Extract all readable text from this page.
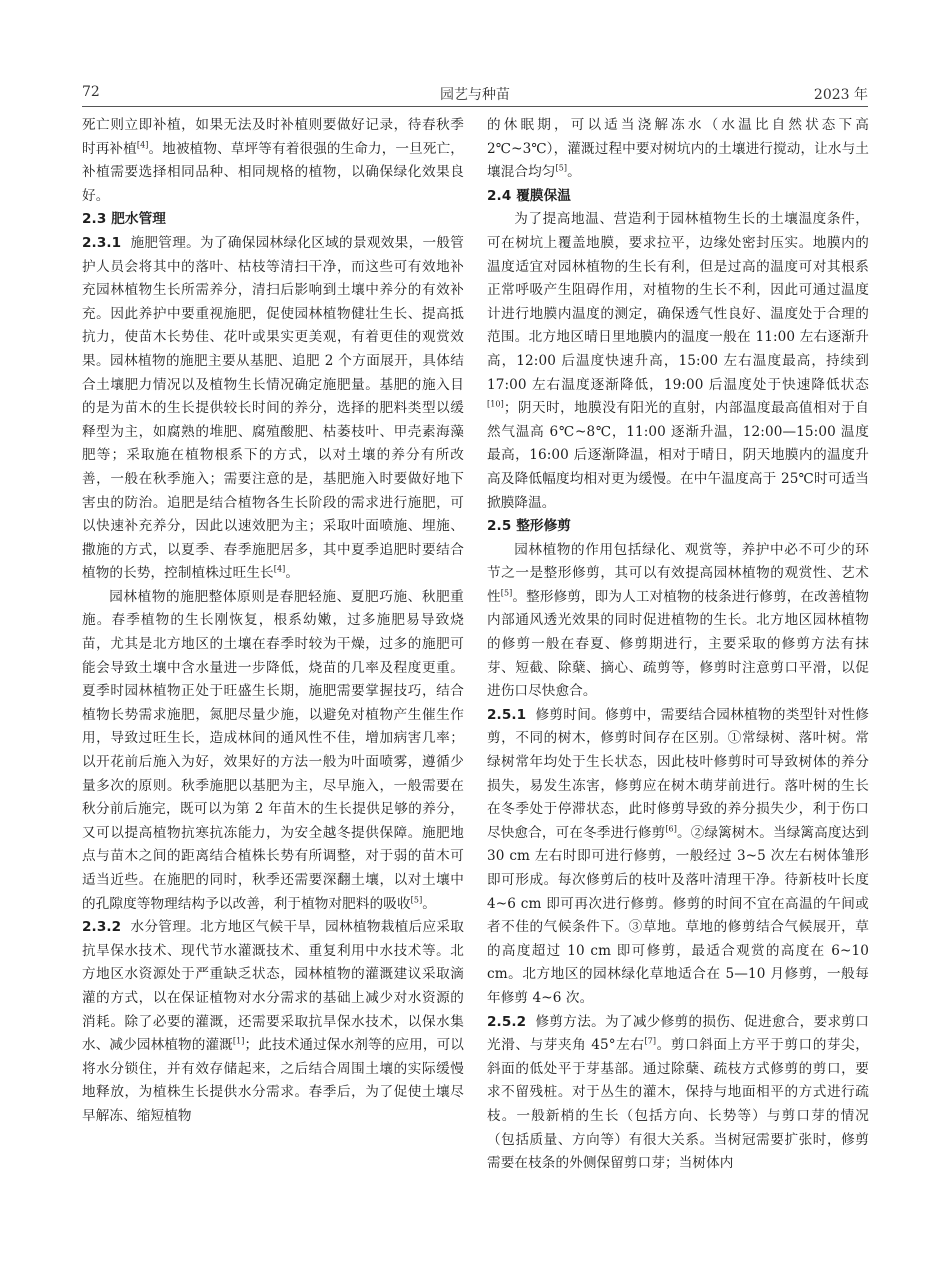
72	园艺与种苗	2023 年

死亡则立即补植，如果无法及时补植则要做好记录，待春秋季时再补植[4]。地被植物、草坪等有着很强的生命力，一旦死亡，补植需要选择相同品种、相同规格的植物，以确保绿化效果良好。

2.3 肥水管理

2.3.1 施肥管理。为了确保园林绿化区域的景观效果，一般管护人员会将其中的落叶、枯枝等清扫干净，而这些可有效地补充园林植物生长所需养分，清扫后影响到土壤中养分的有效补充。因此养护中要重视施肥，促使园林植物健壮生长、提高抵抗力，使苗木长势佳、花叶或果实更美观，有着更佳的观赏效果。园林植物的施肥主要从基肥、追肥 2 个方面展开，具体结合土壤肥力情况以及植物生长情况确定施肥量。基肥的施入目的是为苗木的生长提供较长时间的养分，选择的肥料类型以缓释型为主，如腐熟的堆肥、腐殖酸肥、枯萎枝叶、甲壳素海藻肥等；采取施在植物根系下的方式，以对土壤的养分有所改善，一般在秋季施入；需要注意的是，基肥施入时要做好地下害虫的防治。追肥是结合植物各生长阶段的需求进行施肥，可以快速补充养分，因此以速效肥为主；采取叶面喷施、埋施、撒施的方式，以夏季、春季施肥居多，其中夏季追肥时要结合植物的长势，控制植株过旺生长[4]。

园林植物的施肥整体原则是春肥轻施、夏肥巧施、秋肥重施。春季植物的生长刚恢复，根系幼嫩，过多施肥易导致烧苗，尤其是北方地区的土壤在春季时较为干燥，过多的施肥可能会导致土壤中含水量进一步降低，烧苗的几率及程度更重。夏季时园林植物正处于旺盛生长期，施肥需要掌握技巧，结合植物长势需求施肥，氮肥尽量少施，以避免对植物产生催生作用，导致过旺生长，造成林间的通风性不佳，增加病害几率；以开花前后施入为好，效果好的方法一般为叶面喷雾，遵循少量多次的原则。秋季施肥以基肥为主，尽早施入，一般需要在秋分前后施完，既可以为第 2 年苗木的生长提供足够的养分，又可以提高植物抗寒抗冻能力，为安全越冬提供保障。施肥地点与苗木之间的距离结合植株长势有所调整，对于弱的苗木可适当近些。在施肥的同时，秋季还需要深翻土壤，以对土壤中的孔隙度等物理结构予以改善，利于植物对肥料的吸收[5]。

2.3.2 水分管理。北方地区气候干旱，园林植物栽植后应采取抗旱保水技术、现代节水灌溉技术、重复利用中水技术等。北方地区水资源处于严重缺乏状态，园林植物的灌溉建议采取滴灌的方式，以在保证植物对水分需求的基础上减少对水资源的消耗。除了必要的灌溉，还需要采取抗旱保水技术，以保水集水、减少园林植物的灌溉[1]；此技术通过保水剂等的应用，可以将水分锁住，并有效存储起来，之后结合周围土壤的实际缓慢地释放，为植株生长提供水分需求。春季后，为了促使土壤尽早解冻、缩短植物

的休眠期，可以适当浇解冻水（水温比自然状态下高 2℃~3℃），灌溉过程中要对树坑内的土壤进行搅动，让水与土壤混合均匀[5]。

2.4 覆膜保温

为了提高地温、营造利于园林植物生长的土壤温度条件，可在树坑上覆盖地膜，要求拉平，边缘处密封压实。地膜内的温度适宜对园林植物的生长有利，但是过高的温度可对其根系正常呼吸产生阻碍作用，对植物的生长不利，因此可通过温度计进行地膜内温度的测定，确保透气性良好、温度处于合理的范围。北方地区晴日里地膜内的温度一般在 11:00 左右逐渐升高，12:00 后温度快速升高，15:00 左右温度最高，持续到 17:00 左右温度逐渐降低，19:00 后温度处于快速降低状态[10]；阴天时，地膜没有阳光的直射，内部温度最高值相对于自然气温高 6℃~8℃，11:00 逐渐升温，12:00—15:00 温度最高，16:00 后逐渐降温，相对于晴日，阴天地膜内的温度升高及降低幅度均相对更为缓慢。在中午温度高于 25℃时可适当掀膜降温。

2.5 整形修剪

园林植物的作用包括绿化、观赏等，养护中必不可少的环节之一是整形修剪，其可以有效提高园林植物的观赏性、艺术性[5]。整形修剪，即为人工对植物的枝条进行修剪，在改善植物内部通风透光效果的同时促进植物的生长。北方地区园林植物的修剪一般在春夏、修剪期进行，主要采取的修剪方法有抹芽、短截、除蘖、摘心、疏剪等，修剪时注意剪口平滑，以促进伤口尽快愈合。

2.5.1 修剪时间。修剪中，需要结合园林植物的类型针对性修剪，不同的树木，修剪时间存在区别。①常绿树、落叶树。常绿树常年均处于生长状态，因此枝叶修剪时可导致树体的养分损失，易发生冻害，修剪应在树木萌芽前进行。落叶树的生长在冬季处于停滞状态，此时修剪导致的养分损失少，利于伤口尽快愈合，可在冬季进行修剪[6]。②绿篱树木。当绿篱高度达到 30 cm 左右时即可进行修剪，一般经过 3~5 次左右树体雏形即可形成。每次修剪后的枝叶及落叶清理干净。待新枝叶长度 4~6 cm 即可再次进行修剪。修剪的时间不宜在高温的午间或者不佳的气候条件下。③草地。草地的修剪结合气候展开，草的高度超过 10 cm 即可修剪，最适合观赏的高度在 6~10 cm。北方地区的园林绿化草地适合在 5—10 月修剪，一般每年修剪 4~6 次。

2.5.2 修剪方法。为了减少修剪的损伤、促进愈合，要求剪口光滑、与芽夹角 45°左右[7]。剪口斜面上方平于剪口的芽尖，斜面的低处平于芽基部。通过除蘖、疏枝方式修剪的剪口，要求不留残桩。对于丛生的灌木，保持与地面相平的方式进行疏枝。一般新梢的生长（包括方向、长势等）与剪口芽的情况（包括质量、方向等）有很大关系。当树冠需要扩张时，修剪需要在枝条的外侧保留剪口芽；当树体内
